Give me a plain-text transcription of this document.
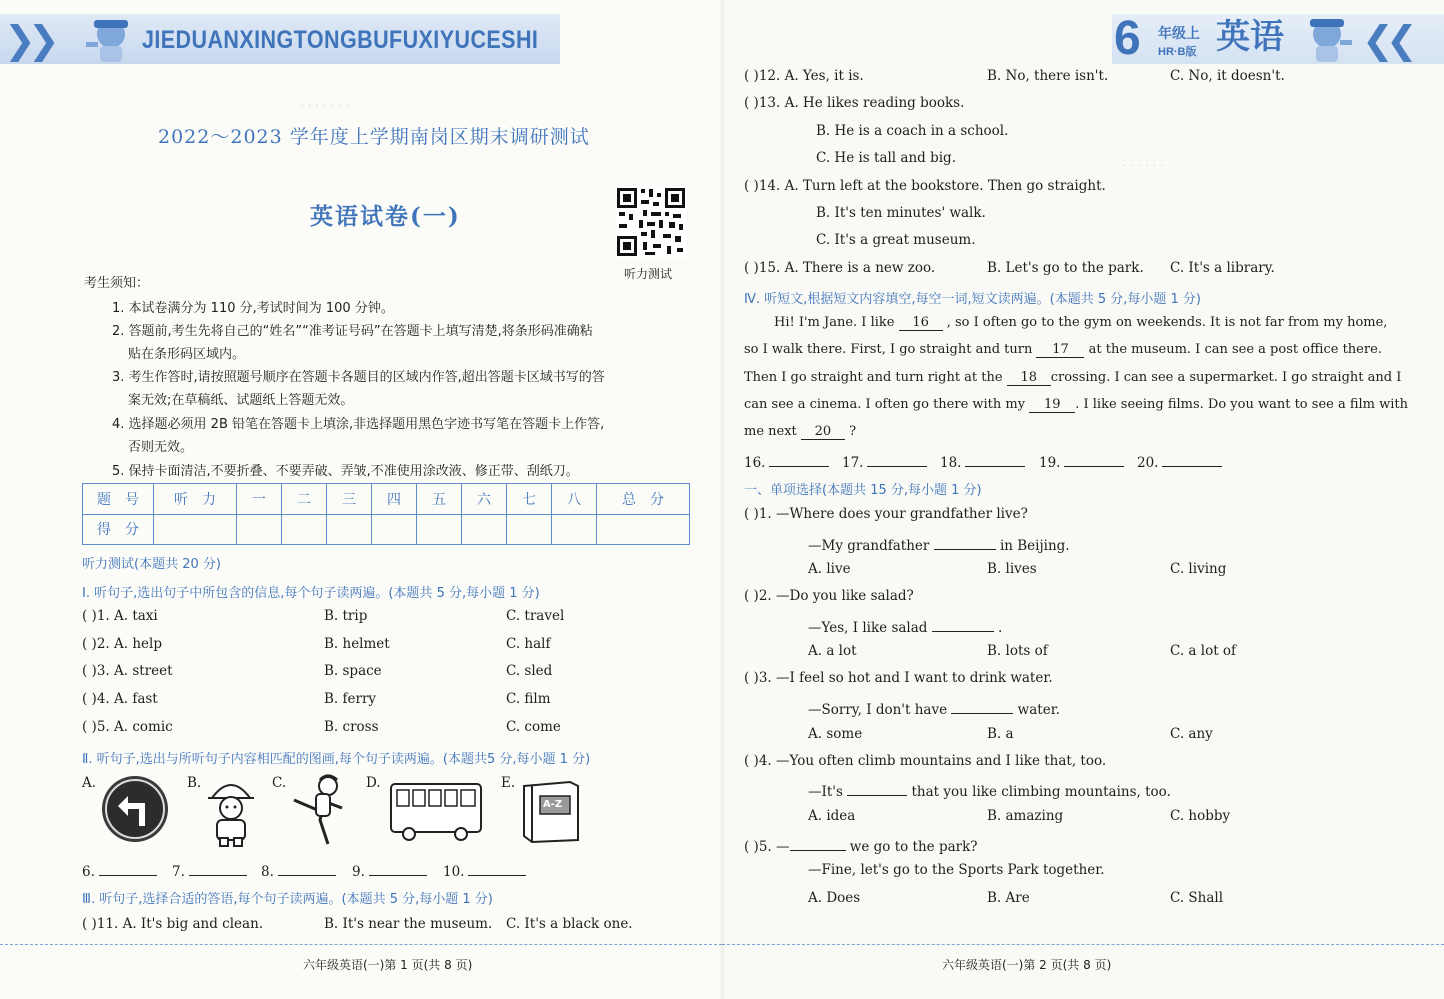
. . . . . . .
❯❯	JIEDUANXINGTONGBUFUXIYUCESHI
2022～2023 学年度上学期南岗区期末调研测试
英语试卷(一)
听力测试
考生须知：
1. 本试卷满分为 110 分,考试时间为 100 分钟。
2. 答题前,考生先将自己的“姓名”“准考证号码”在答题卡上填写清楚,将条形码准确粘
贴在条形码区域内。
3. 考生作答时,请按照题号顺序在答题卡各题目的区域内作答,超出答题卡区域书写的答
案无效;在草稿纸、试题纸上答题无效。
4. 选择题必须用 2B 铅笔在答题卡上填涂,非选择题用黑色字迹书写笔在答题卡上作答,
否则无效。
5. 保持卡面清洁,不要折叠、不要弄破、弄皱,不准使用涂改液、修正带、刮纸刀。
题　号	听　力	一	二	三	四	五	六	七	八	总　分
得　分										
听力测试(本题共 20 分)
Ⅰ. 听句子,选出句子中所包含的信息,每个句子读两遍。(本题共 5 分,每小题 1 分)
( )1. A. taxi	B. trip	C. travel
( )2. A. help	B. helmet	C. half
( )3. A. street	B. space	C. sled
( )4. A. fast	B. ferry	C. film
( )5. A. comic	B. cross	C. come
Ⅱ. 听句子,选出与所听句子内容相匹配的图画,每个句子读两遍。(本题共5 分,每小题 1 分)
A.	B.	C.	D.	E.
A-Z
6.	7.	8.	9.	10.
Ⅲ. 听句子,选择合适的答语,每个句子读两遍。(本题共 5 分,每小题 1 分)
( )11. A. It's big and clean.	B. It's near the museum. C. It's a black one.
六年级英语(一)第 1 页(共 8 页)
. . . . . .
6 年级上
HR·B版 英语 ❮❮
( )12. A. Yes, it is.	B. No, there isn't.	C. No, it doesn't.
( )13. A. He likes reading books.
B. He is a coach in a school.
C. He is tall and big.
( )14. A. Turn left at the bookstore. Then go straight.
B. It's ten minutes' walk.
C. It's a great museum.
( )15. A. There is a new zoo.	B. Let's go to the park. C. It's a library.
Ⅳ. 听短文,根据短文内容填空,每空一词,短文读两遍。(本题共 5 分,每小题 1 分)
Hi! I'm Jane. I like 16 , so I often go to the gym on weekends. It is not far from my home,
so I walk there. First, I go straight and turn 17 at the museum. I can see a post office there.
Then I go straight and turn right at the 18 crossing. I can see a supermarket. I go straight and I
can see a cinema. I often go there with my 19 . I like seeing films. Do you want to see a film with
me next 20 ?
16.	17.	18.	19.	20.
一、单项选择(本题共 15 分,每小题 1 分)
( )1. —Where does your grandfather live?
—My grandfather	in Beijing.
A. live	B. lives	C. living
( )2. —Do you like salad?
—Yes, I like salad	.
A. a lot	B. lots of	C. a lot of
( )3. —I feel so hot and I want to drink water.
—Sorry, I don't have	water.
A. some	B. a	C. any
( )4. —You often climb mountains and I like that, too.
—It's	that you like climbing mountains, too.
A. idea	B. amazing	C. hobby
( )5. —	we go to the park?
—Fine, let's go to the Sports Park together.
A. Does	B. Are	C. Shall
六年级英语(一)第 2 页(共 8 页)
